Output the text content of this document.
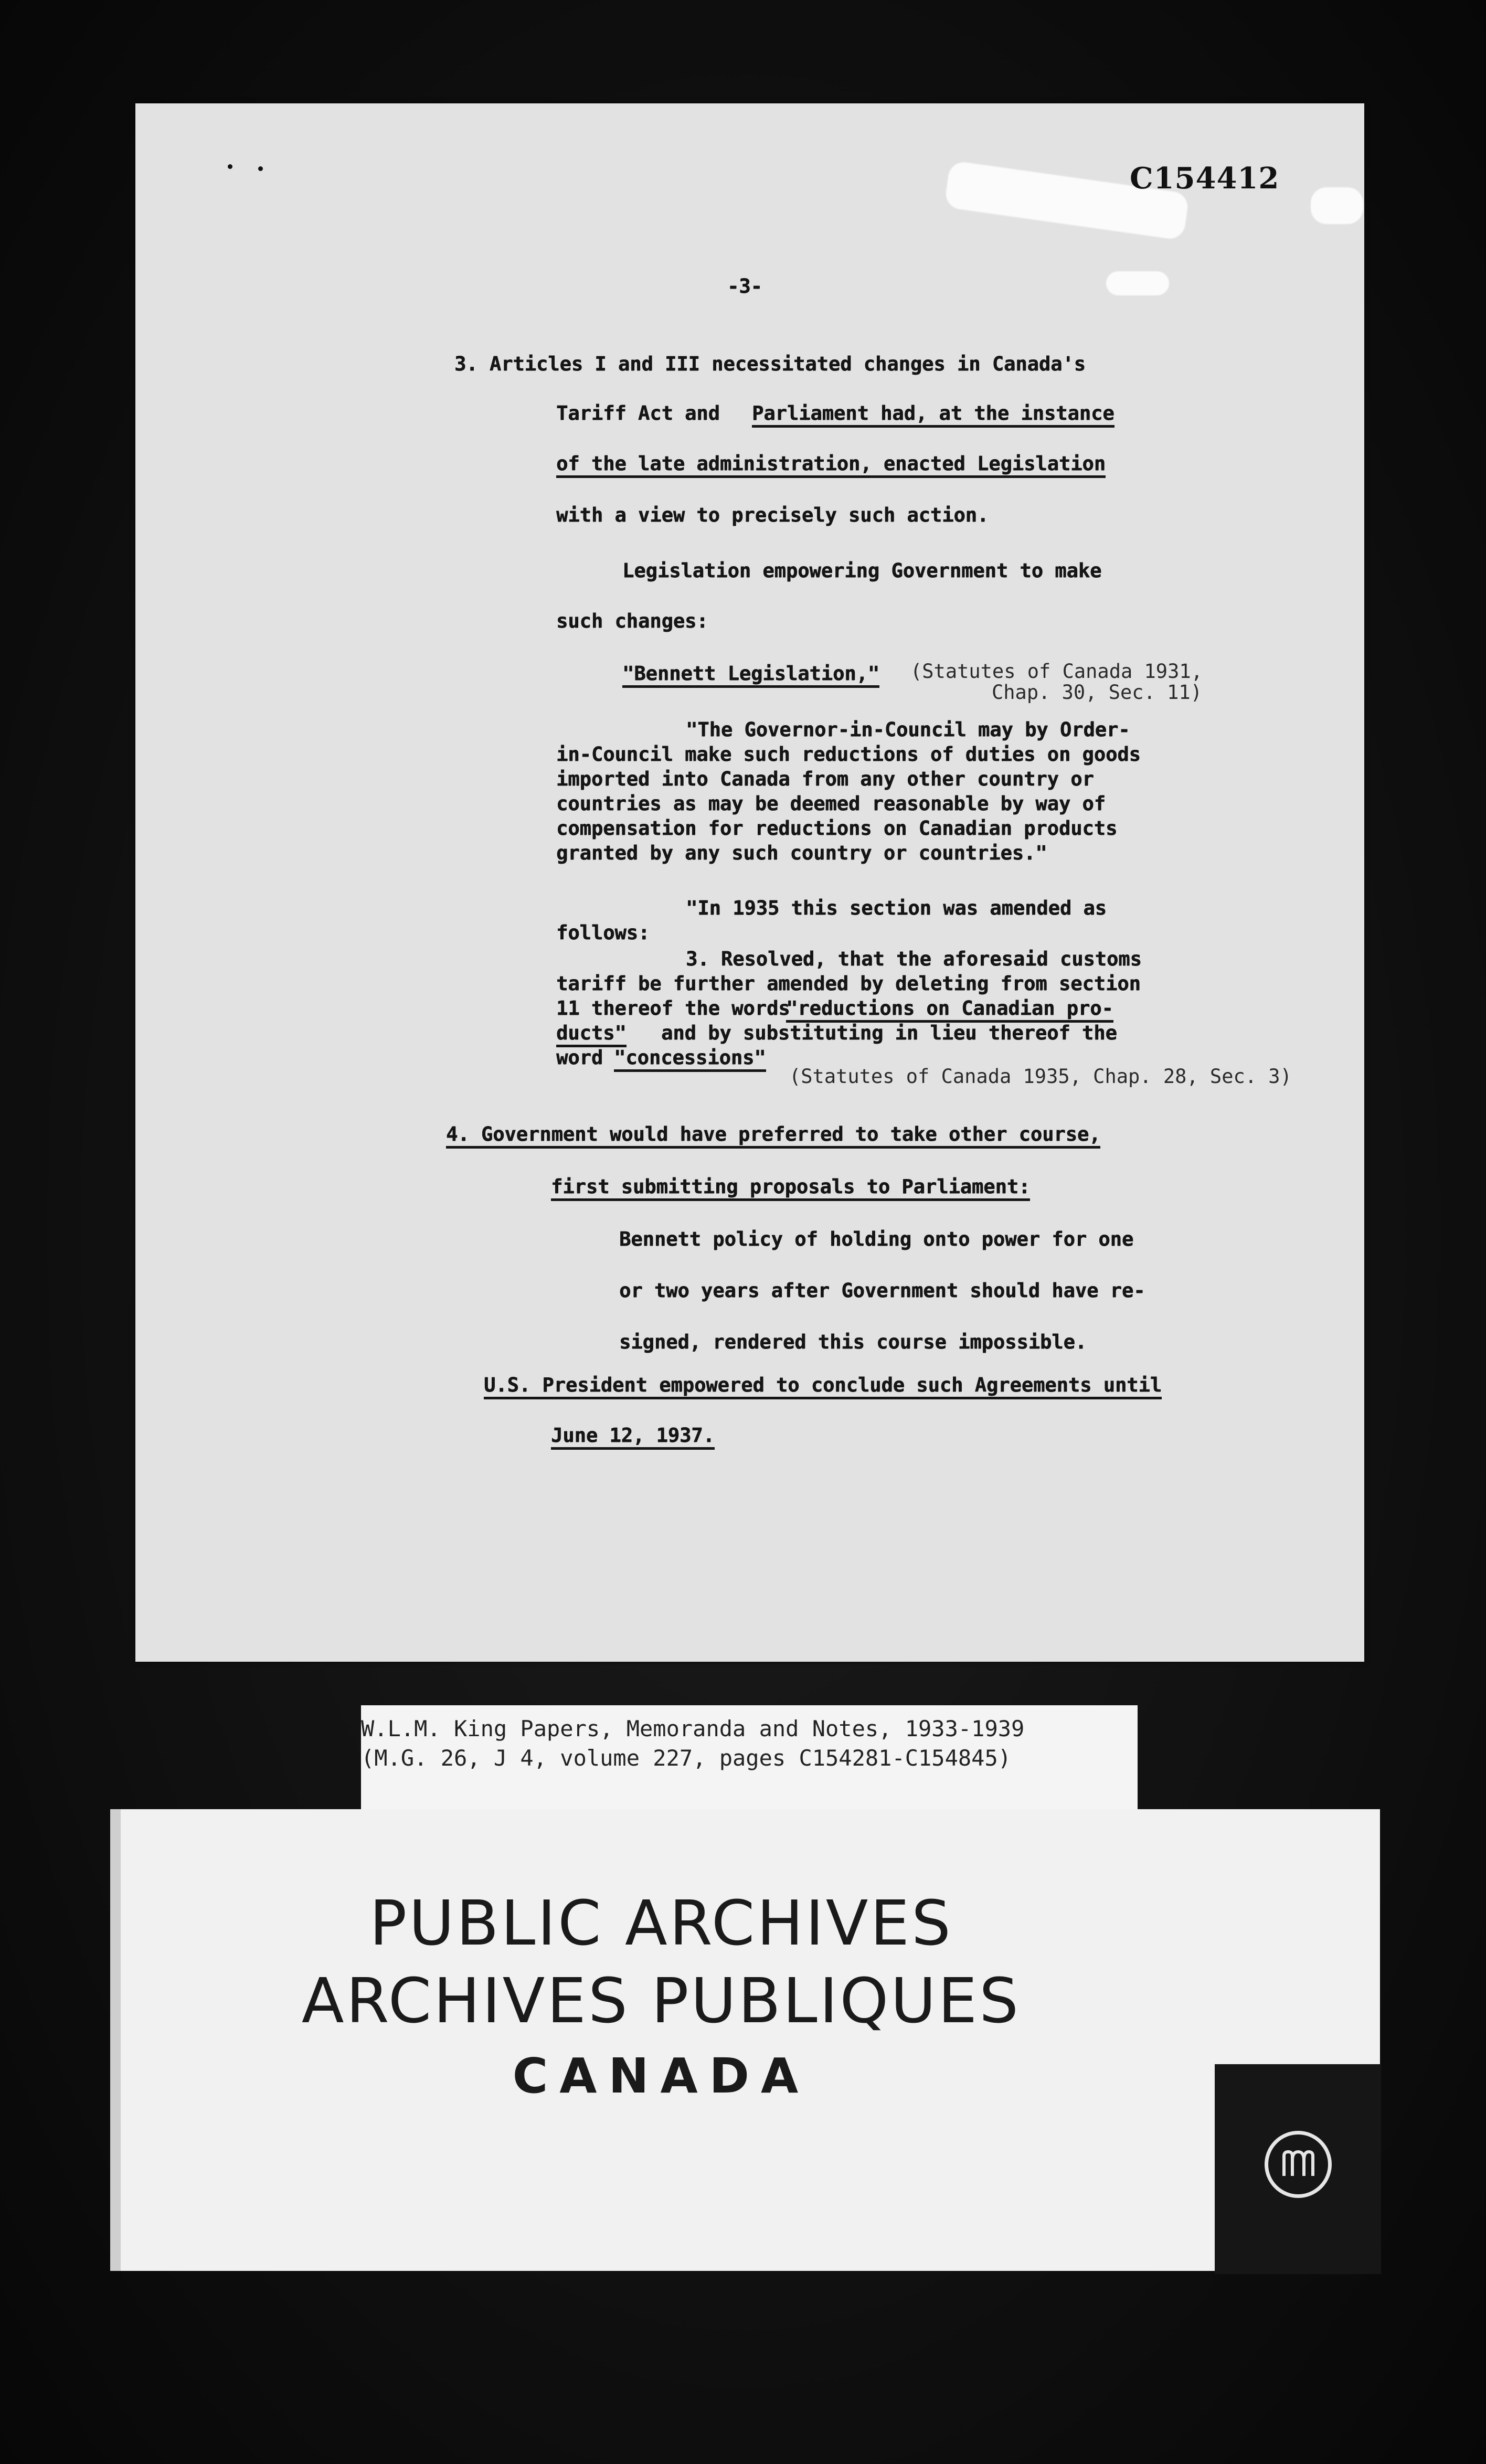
C154412
-3-
3. Articles I and III necessitated changes in Canada's
Tariff Act and Parliament had, at the instance
of the late administration, enacted Legislation
with a view to precisely such action.
Legislation empowering Government to make
such changes:
"Bennett Legislation," (Statutes of Canada 1931,
Chap. 30, Sec. 11)
"The Governor-in-Council may by Order-
in-Council make such reductions of duties on goods
imported into Canada from any other country or
countries as may be deemed reasonable by way of
compensation for reductions on Canadian products
granted by any such country or countries."
"In 1935 this section was amended as
follows:
3. Resolved, that the aforesaid customs
tariff be further amended by deleting from section
11 thereof the words
"reductions on Canadian pro-
ducts" and by substituting in lieu thereof the
word "concessions"
(Statutes of Canada 1935, Chap. 28, Sec. 3)
4. Government would have preferred to take other course,
first submitting proposals to Parliament:
Bennett policy of holding onto power for one
or two years after Government should have re-
signed, rendered this course impossible.
U.S. President empowered to conclude such Agreements until
June 12, 1937.
W.L.M. King Papers, Memoranda and Notes, 1933-1939
(M.G. 26, J 4, volume 227, pages C154281-C154845)
PUBLIC ARCHIVES
ARCHIVES PUBLIQUES
CANADA
